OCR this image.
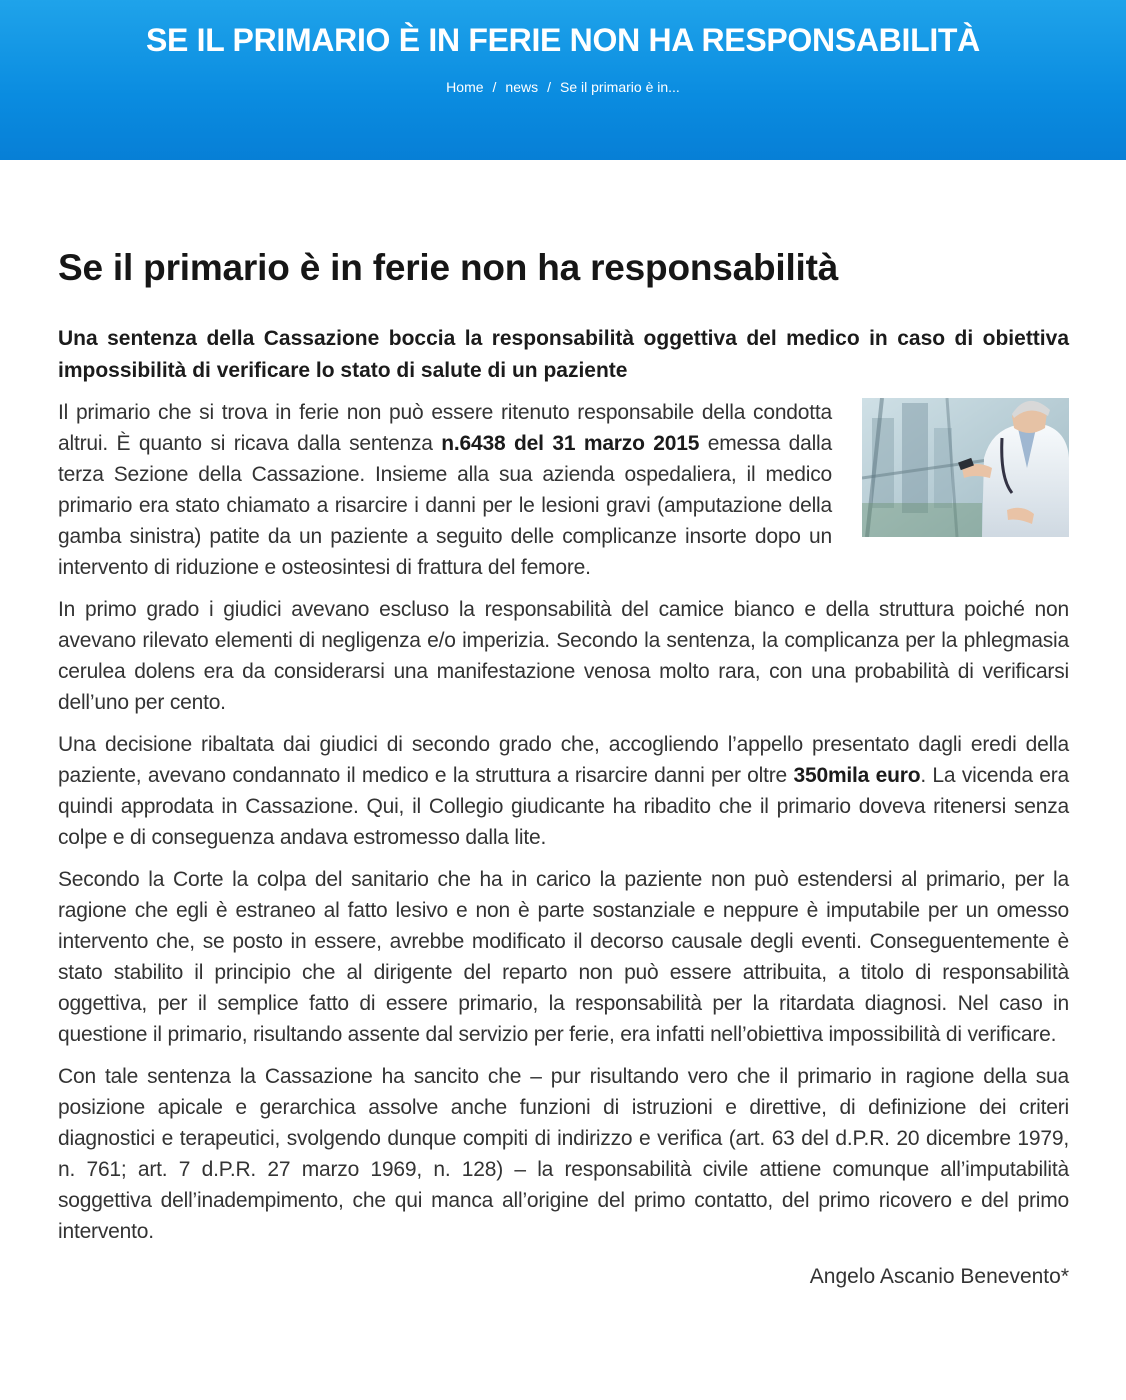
SE IL PRIMARIO È IN FERIE NON HA RESPONSABILITÀ
Home / news / Se il primario è in...
Se il primario è in ferie non ha responsabilità

Una sentenza della Cassazione boccia la responsabilità oggettiva del medico in caso di obiettiva impossibilità di verificare lo stato di salute di un paziente

Il primario che si trova in ferie non può essere ritenuto responsabile della condotta altrui. È quanto si ricava dalla sentenza n.6438 del 31 marzo 2015 emessa dalla terza Sezione della Cassazione. Insieme alla sua azienda ospedaliera, il medico primario era stato chiamato a risarcire i danni per le lesioni gravi (amputazione della gamba sinistra) patite da un paziente a seguito delle complicanze insorte dopo un intervento di riduzione e osteosintesi di frattura del femore.

In primo grado i giudici avevano escluso la responsabilità del camice bianco e della struttura poiché non avevano rilevato elementi di negligenza e/o imperizia. Secondo la sentenza, la complicanza per la phlegmasia cerulea dolens era da considerarsi una manifestazione venosa molto rara, con una probabilità di verificarsi dell’uno per cento.

Una decisione ribaltata dai giudici di secondo grado che, accogliendo l’appello presentato dagli eredi della paziente, avevano condannato il medico e la struttura a risarcire danni per oltre 350mila euro. La vicenda era quindi approdata in Cassazione. Qui, il Collegio giudicante ha ribadito che il primario doveva ritenersi senza colpe e di conseguenza andava estromesso dalla lite.

Secondo la Corte la colpa del sanitario che ha in carico la paziente non può estendersi al primario, per la ragione che egli è estraneo al fatto lesivo e non è parte sostanziale e neppure è imputabile per un omesso intervento che, se posto in essere, avrebbe modificato il decorso causale degli eventi. Conseguentemente è stato stabilito il principio che al dirigente del reparto non può essere attribuita, a titolo di responsabilità oggettiva, per il semplice fatto di essere primario, la responsabilità per la ritardata diagnosi. Nel caso in questione il primario, risultando assente dal servizio per ferie, era infatti nell’obiettiva impossibilità di verificare.

Con tale sentenza la Cassazione ha sancito che – pur risultando vero che il primario in ragione della sua posizione apicale e gerarchica assolve anche funzioni di istruzioni e direttive, di definizione dei criteri diagnostici e terapeutici, svolgendo dunque compiti di indirizzo e verifica (art. 63 del d.P.R. 20 dicembre 1979, n. 761; art. 7 d.P.R. 27 marzo 1969, n. 128) – la responsabilità civile attiene comunque all’imputabilità soggettiva dell’inadempimento, che qui manca all’origine del primo contatto, del primo ricovero e del primo intervento.

Angelo Ascanio Benevento*
